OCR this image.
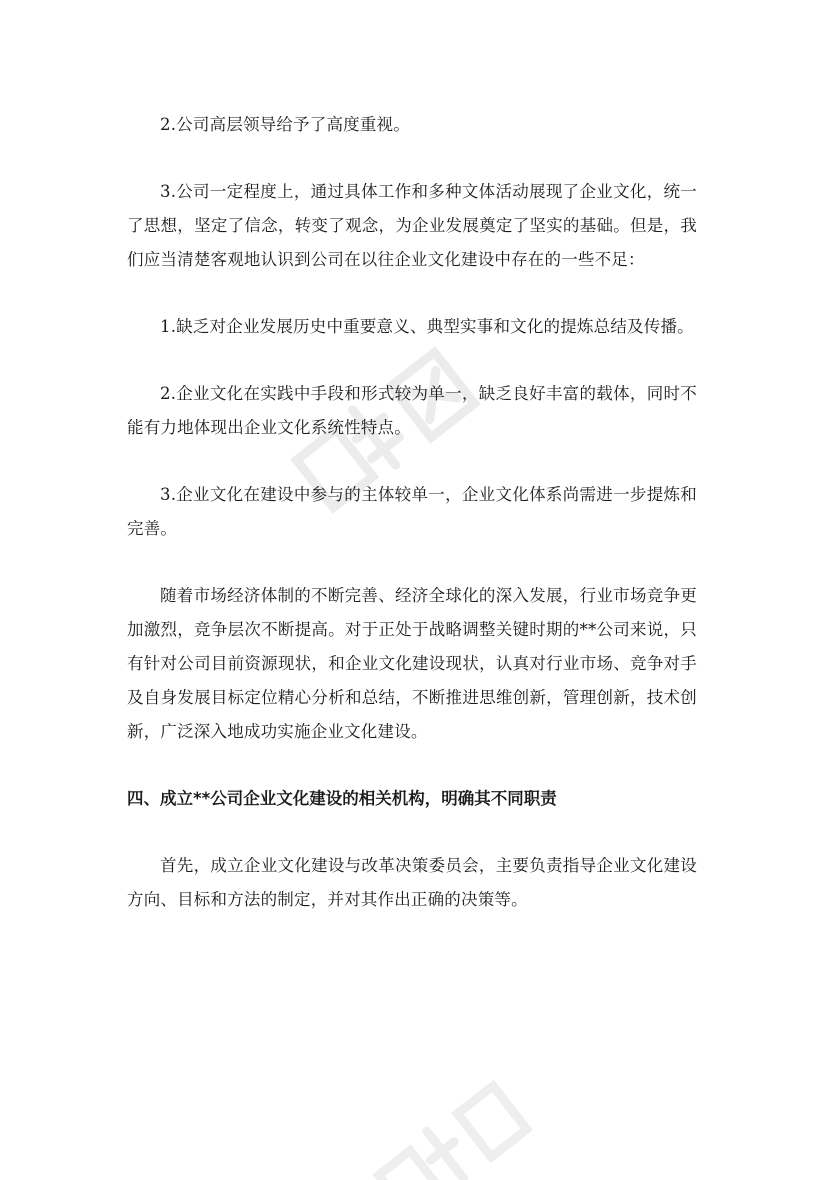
2.公司高层领导给予了高度重视。

3.公司一定程度上，通过具体工作和多种文体活动展现了企业文化，统一了思想，坚定了信念，转变了观念，为企业发展奠定了坚实的基础。但是，我们应当清楚客观地认识到公司在以往企业文化建设中存在的一些不足：

1.缺乏对企业发展历史中重要意义、典型实事和文化的提炼总结及传播。

2.企业文化在实践中手段和形式较为单一，缺乏良好丰富的载体，同时不能有力地体现出企业文化系统性特点。

3.企业文化在建设中参与的主体较单一，企业文化体系尚需进一步提炼和完善。

随着市场经济体制的不断完善、经济全球化的深入发展，行业市场竞争更加激烈，竞争层次不断提高。对于正处于战略调整关键时期的**公司来说，只有针对公司目前资源现状，和企业文化建设现状，认真对行业市场、竞争对手及自身发展目标定位精心分析和总结，不断推进思维创新，管理创新，技术创新，广泛深入地成功实施企业文化建设。

四、成立**公司企业文化建设的相关机构，明确其不同职责

首先，成立企业文化建设与改革决策委员会，主要负责指导企业文化建设方向、目标和方法的制定，并对其作出正确的决策等。
